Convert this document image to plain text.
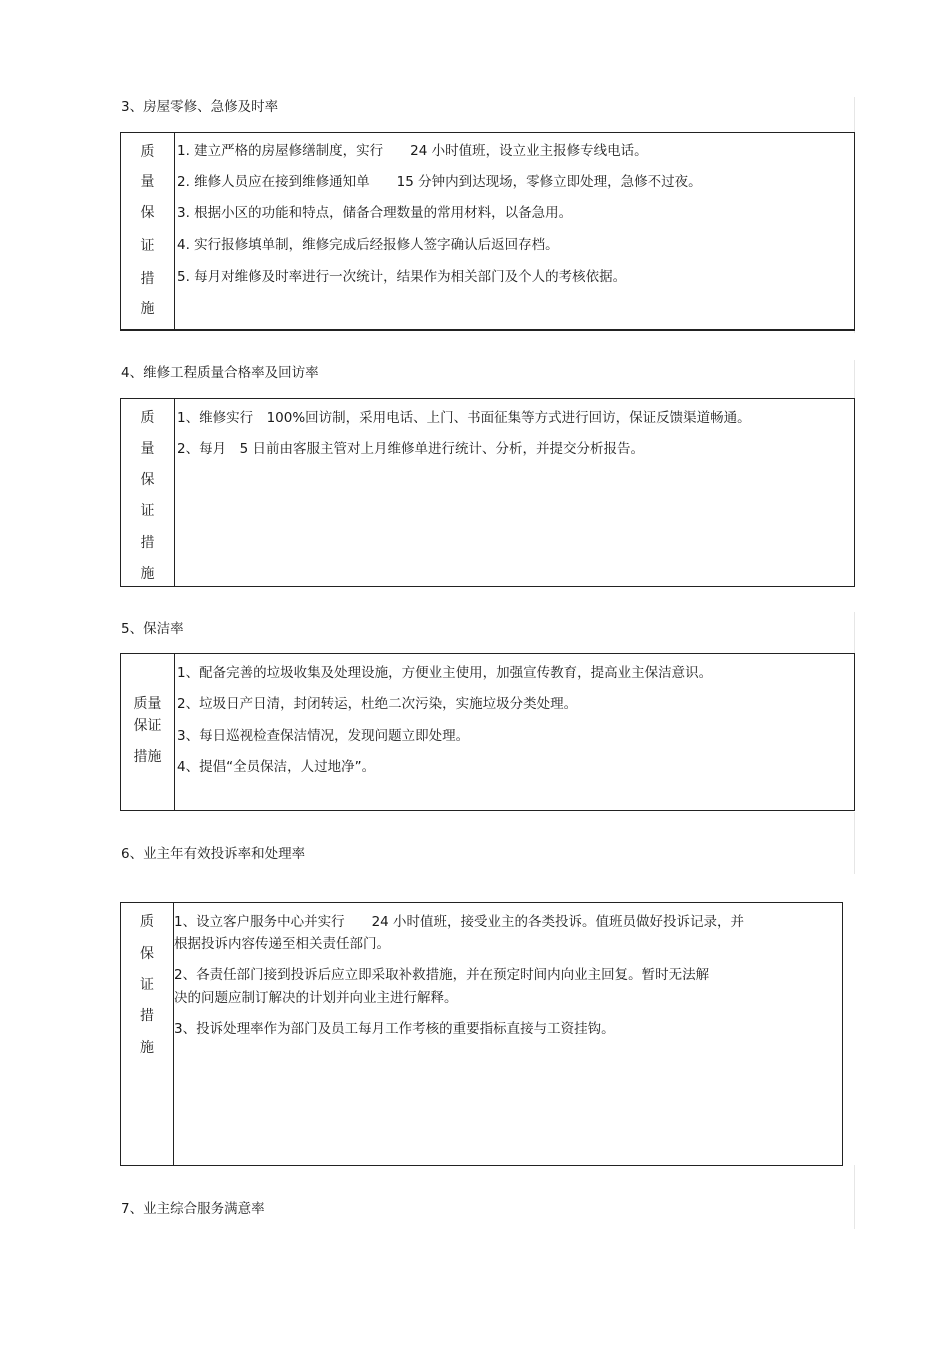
3、房屋零修、急修及时率
质
量
保
证
措
施
1. 建立严格的房屋修缮制度，实行　　24 小时值班，设立业主报修专线电话。
2. 维修人员应在接到维修通知单　　15 分钟内到达现场，零修立即处理，急修不过夜。
3. 根据小区的功能和特点，储备合理数量的常用材料，以备急用。
4. 实行报修填单制，维修完成后经报修人签字确认后返回存档。
5. 每月对维修及时率进行一次统计，结果作为相关部门及个人的考核依据。
4、维修工程质量合格率及回访率
质
量
保
证
措
施
1、维修实行　100%回访制，采用电话、上门、书面征集等方式进行回访，保证反馈渠道畅通。
2、每月　5 日前由客服主管对上月维修单进行统计、分析，并提交分析报告。
5、保洁率
质量
保证
措施
1、配备完善的垃圾收集及处理设施，方便业主使用，加强宣传教育，提高业主保洁意识。
2、垃圾日产日清，封闭转运，杜绝二次污染，实施垃圾分类处理。
3、每日巡视检查保洁情况，发现问题立即处理。
4、提倡“全员保洁，人过地净”。
6、业主年有效投诉率和处理率
质
保
证
措
施
1、设立客户服务中心并实行　　24 小时值班，接受业主的各类投诉。值班员做好投诉记录，并
根据投诉内容传递至相关责任部门。
2、各责任部门接到投诉后应立即采取补救措施，并在预定时间内向业主回复。暂时无法解
决的问题应制订解决的计划并向业主进行解释。
3、投诉处理率作为部门及员工每月工作考核的重要指标直接与工资挂钩。
7、业主综合服务满意率
